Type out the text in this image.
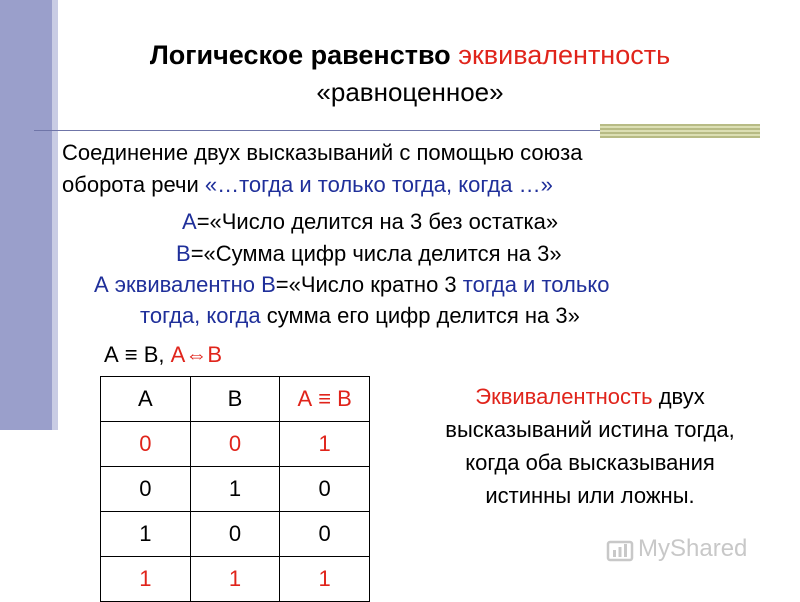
Логическое равенство эквивалентность
«равноценное»
Соединение двух высказываний с помощью союза
оборота речи «…тогда и только тогда, когда …»
А=«Число делится на 3 без остатка»
В=«Сумма цифр числа делится на 3»
А эквивалентно В=«Число кратно 3 тогда и только
тогда, когда сумма его цифр делится на 3»
А ≡ В, А⇔В
А	В	А ≡ В
0	0	1
0	1	0
1	0	0
1	1	1
Эквивалентность двух
высказываний истина тогда,
когда оба высказывания
истинны или ложны.
MyShared
